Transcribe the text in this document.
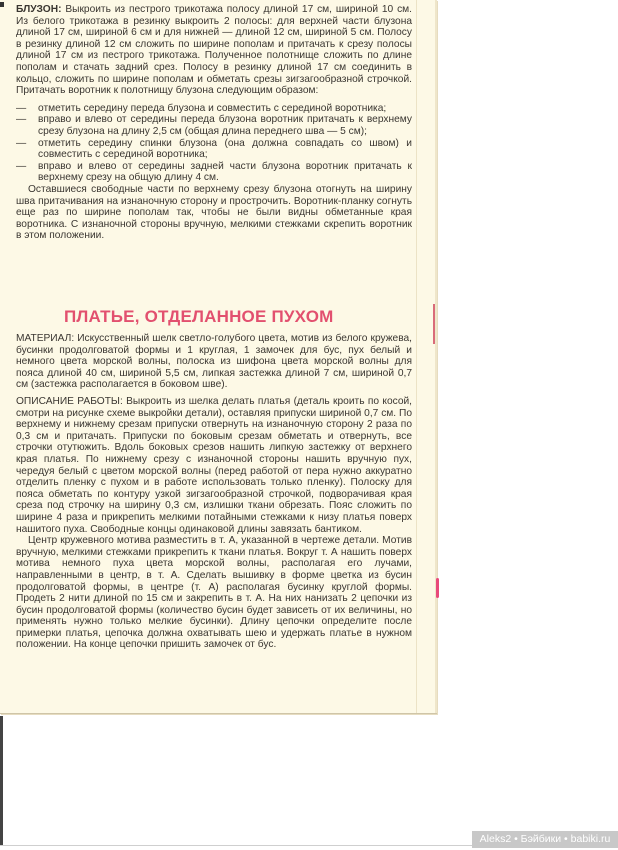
БЛУЗОН: Выкроить из пестрого трикотажа полосу длиной 17 см, шириной 10 см. Из белого трикотажа в резинку выкроить 2 полосы: для верхней части блузона длиной 17 см, шириной 6 см и для нижней — длиной 12 см, шириной 5 см. Полосу в резинку длиной 12 см сложить по ширине пополам и притачать к срезу полосы длиной 17 см из пестрого трикотажа. Полученное полотнище сложить по длине пополам и стачать задний срез. Полосу в резинку длиной 17 см соединить в кольцо, сложить по ширине пополам и обметать срезы зигзагообразной строчкой. Притачать воротник к полотнищу блузона следующим образом:

— отметить середину переда блузона и совместить с серединой воротника;
— вправо и влево от середины переда блузона воротник притачать к верхнему срезу блузона на длину 2,5 см (общая длина переднего шва — 5 см);
— отметить середину спинки блузона (она должна совпадать со швом) и совместить с серединой воротника;
— вправо и влево от середины задней части блузона воротник притачать к верхнему срезу на общую длину 4 см.

Оставшиеся свободные части по верхнему срезу блузона отогнуть на ширину шва притачивания на изнаночную сторону и прострочить. Воротник-планку согнуть еще раз по ширине пополам так, чтобы не были видны обметанные края воротника. С изнаночной стороны вручную, мелкими стежками скрепить воротник в этом положении.

ПЛАТЬЕ, ОТДЕЛАННОЕ ПУХОМ

МАТЕРИАЛ: Искусственный шелк светло-голубого цвета, мотив из белого кружева, бусинки продолговатой формы и 1 круглая, 1 замочек для бус, пух белый и немного цвета морской волны, полоска из шифона цвета морской волны для пояса длиной 40 см, шириной 5,5 см, липкая застежка длиной 7 см, шириной 0,7 см (застежка располагается в боковом шве).

ОПИСАНИЕ РАБОТЫ: Выкроить из шелка делать платья (деталь кроить по косой, смотри на рисунке схеме выкройки детали), оставляя припуски шириной 0,7 см. По верхнему и нижнему срезам припуски отвернуть на изнаночную сторону 2 раза по 0,3 см и притачать. Припуски по боковым срезам обметать и отвернуть, все строчки отутюжить. Вдоль боковых срезов нашить липкую застежку от верхнего края платья. По нижнему срезу с изнаночной стороны нашить вручную пух, чередуя белый с цветом морской волны (перед работой от пера нужно аккуратно отделить пленку с пухом и в работе использовать только пленку). Полоску для пояса обметать по контуру узкой зигзагообразной строчкой, подворачивая края среза под строчку на ширину 0,3 см, излишки ткани обрезать. Пояс сложить по ширине 4 раза и прикрепить мелкими потайными стежками к низу платья поверх нашитого пуха. Свободные концы одинаковой длины завязать бантиком.

Центр кружевного мотива разместить в т. А, указанной в чертеже детали. Мотив вручную, мелкими стежками прикрепить к ткани платья. Вокруг т. А нашить поверх мотива немного пуха цвета морской волны, располагая его лучами, направленными в центр, в т. А. Сделать вышивку в форме цветка из бусин продолговатой формы, в центре (т. А) располагая бусинку круглой формы. Продеть 2 нити длиной по 15 см и закрепить в т. А. На них нанизать 2 цепочки из бусин продолговатой формы (количество бусин будет зависеть от их величины, но применять нужно только мелкие бусинки). Длину цепочки определите после примерки платья, цепочка должна охватывать шею и удержать платье в нужном положении. На конце цепочки пришить замочек от бус.

Aleks2 • Бэйбики • babiki.ru
